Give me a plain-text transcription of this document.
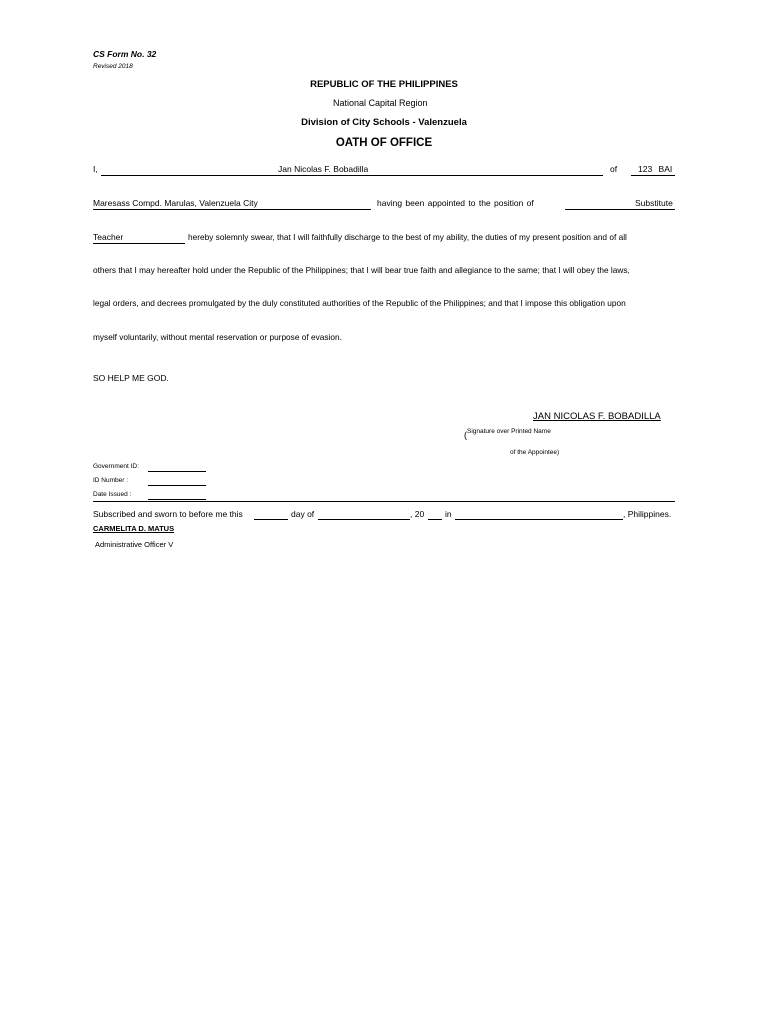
CS Form No. 32
Revised 2018
REPUBLIC OF THE PHILIPPINES
National Capital Region
Division of City Schools - Valenzuela
OATH OF OFFICE
I,	Jan Nicolas F. Bobadilla	of 123 BAI
Maresass Compd. Marulas, Valenzuela City	having been appointed to the position of	Substitute
Teacher	hereby solemnly swear, that I will faithfully discharge to the best of my ability, the duties of my present position and of all
others that I may hereafter hold under the Republic of the Philippines; that I will bear true faith and allegiance to the same; that I will obey the laws,
legal orders, and decrees promulgated by the duly constituted authorities of the Republic of the Philippines; and that I impose this obligation upon
myself voluntarily, without mental reservation or purpose of evasion.
SO HELP ME GOD.
JAN NICOLAS F. BOBADILLA
( Signature over Printed Name
of the Appointee)
Government ID:
ID Number :
Date Issued :
Subscribed and sworn to before me this	day of	, 20 in	, Philippines.
CARMELITA D. MATUS
Administrative Officer V
